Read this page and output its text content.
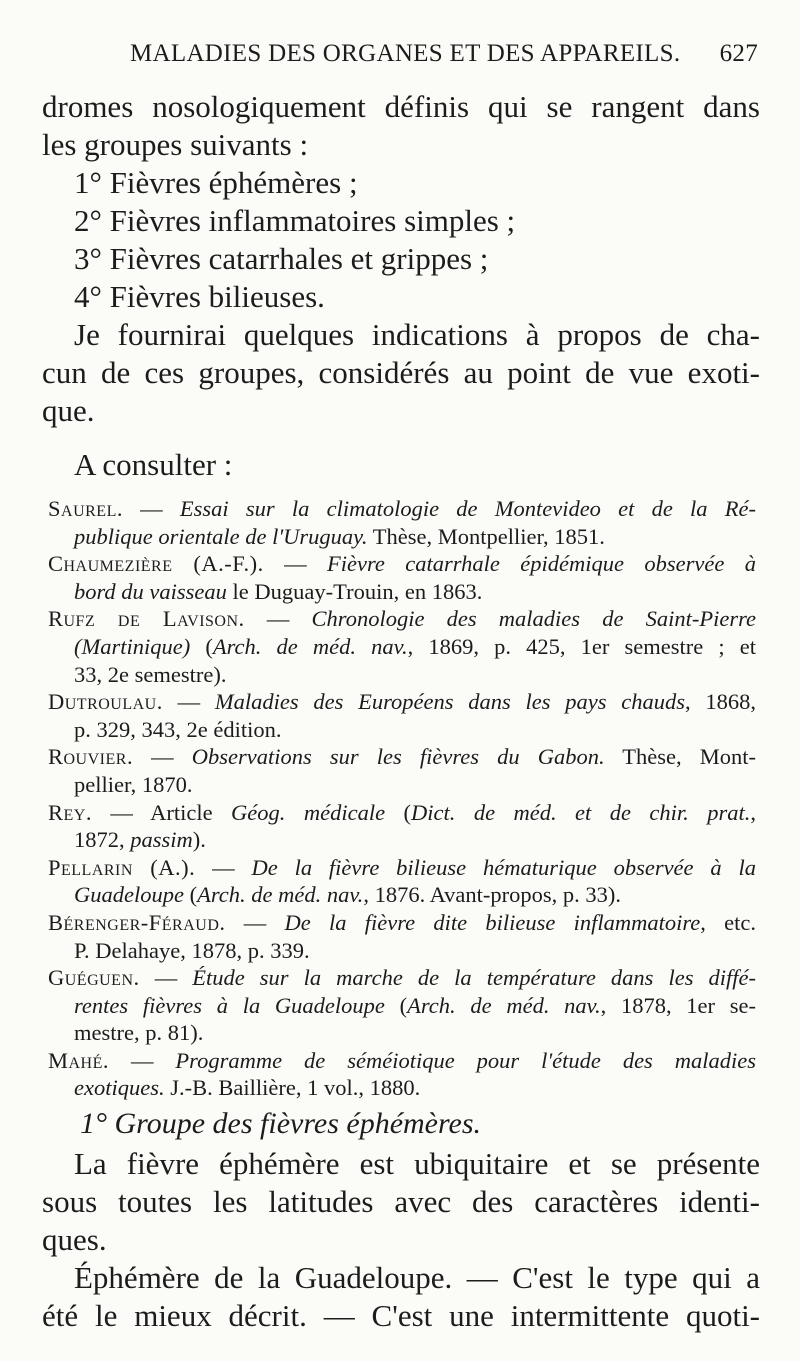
MALADIES DES ORGANES ET DES APPAREILS. 627
dromes nosologiquement définis qui se rangent dans
les groupes suivants :
1° Fièvres éphémères ;
2° Fièvres inflammatoires simples ;
3° Fièvres catarrhales et grippes ;
4° Fièvres bilieuses.
Je fournirai quelques indications à propos de cha-
cun de ces groupes, considérés au point de vue exoti-
que.
A consulter :
Saurel. — Essai sur la climatologie de Montevideo et de la Ré-
publique orientale de l'Uruguay. Thèse, Montpellier, 1851.
Chaumezière (A.-F.). — Fièvre catarrhale épidémique observée à
bord du vaisseau le Duguay-Trouin, en 1863.
Rufz de Lavison. — Chronologie des maladies de Saint-Pierre
(Martinique) (Arch. de méd. nav., 1869, p. 425, 1er semestre ; et
33, 2e semestre).
Dutroulau. — Maladies des Européens dans les pays chauds, 1868,
p. 329, 343, 2e édition.
Rouvier. — Observations sur les fièvres du Gabon. Thèse, Mont-
pellier, 1870.
Rey. — Article Géog. médicale (Dict. de méd. et de chir. prat.,
1872, passim).
Pellarin (A.). — De la fièvre bilieuse hématurique observée à la
Guadeloupe (Arch. de méd. nav., 1876. Avant-propos, p. 33).
Bérenger-Féraud. — De la fièvre dite bilieuse inflammatoire, etc.
P. Delahaye, 1878, p. 339.
Guéguen. — Étude sur la marche de la température dans les diffé-
rentes fièvres à la Guadeloupe (Arch. de méd. nav., 1878, 1er se-
mestre, p. 81).
Mahé. — Programme de séméiotique pour l'étude des maladies
exotiques. J.-B. Baillière, 1 vol., 1880.
1° Groupe des fièvres éphémères.
La fièvre éphémère est ubiquitaire et se présente
sous toutes les latitudes avec des caractères identi-
ques.
Éphémère de la Guadeloupe. — C'est le type qui a
été le mieux décrit. — C'est une intermittente quoti-
